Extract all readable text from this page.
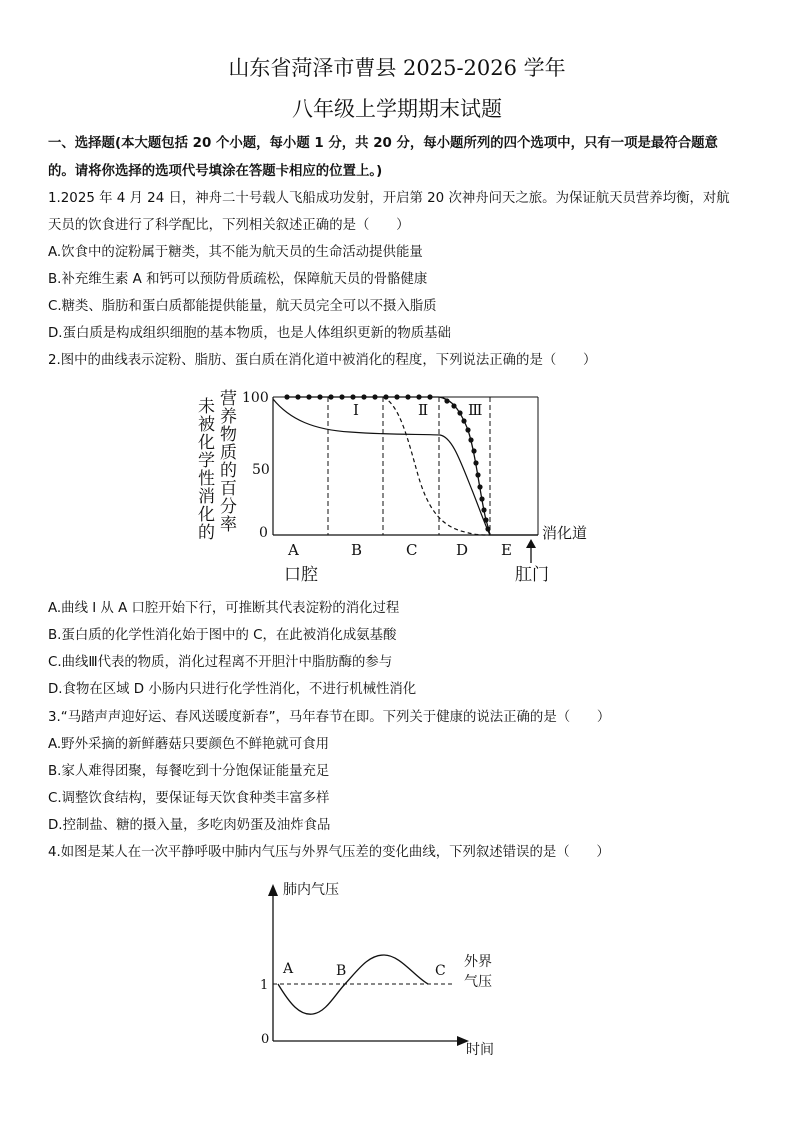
山东省菏泽市曹县 2025-2026 学年
八年级上学期期末试题
一、选择题(本大题包括 20 个小题，每小题 1 分，共 20 分，每小题所列的四个选项中，只有一项是最符合题意
的。请将你选择的选项代号填涂在答题卡相应的位置上。)
1.2025 年 4 月 24 日，神舟二十号载人飞船成功发射，开启第 20 次神舟问天之旅。为保证航天员营养均衡，对航
天员的饮食进行了科学配比，下列相关叙述正确的是（　　）
A.饮食中的淀粉属于糖类，其不能为航天员的生命活动提供能量
B.补充维生素 A 和钙可以预防骨质疏松，保障航天员的骨骼健康
C.糖类、脂肪和蛋白质都能提供能量，航天员完全可以不摄入脂质
D.蛋白质是构成组织细胞的基本物质，也是人体组织更新的物质基础
2.图中的曲线表示淀粉、脂肪、蛋白质在消化道中被消化的程度，下列说法正确的是（　　）
未被化学性消化的 营养物质的百分率 100
50
0
I	Ⅱ	Ⅲ
A	B	C	D E
消化道
口腔	肛门
A.曲线 I 从 A 口腔开始下行，可推断其代表淀粉的消化过程
B.蛋白质的化学性消化始于图中的 C，在此被消化成氨基酸
C.曲线Ⅲ代表的物质，消化过程离不开胆汁中脂肪酶的参与
D.食物在区域 D 小肠内只进行化学性消化，不进行机械性消化
3.“马踏声声迎好运、春风送暖度新春”，马年春节在即。下列关于健康的说法正确的是（　　）
A.野外采摘的新鲜蘑菇只要颜色不鲜艳就可食用
B.家人难得团聚，每餐吃到十分饱保证能量充足
C.调整饮食结构，要保证每天饮食种类丰富多样
D.控制盐、糖的摄入量，多吃肉奶蛋及油炸食品
4.如图是某人在一次平静呼吸中肺内气压与外界气压差的变化曲线，下列叙述错误的是（　　）
肺内气压
时间
1
0
A	B	C
外界
气压
